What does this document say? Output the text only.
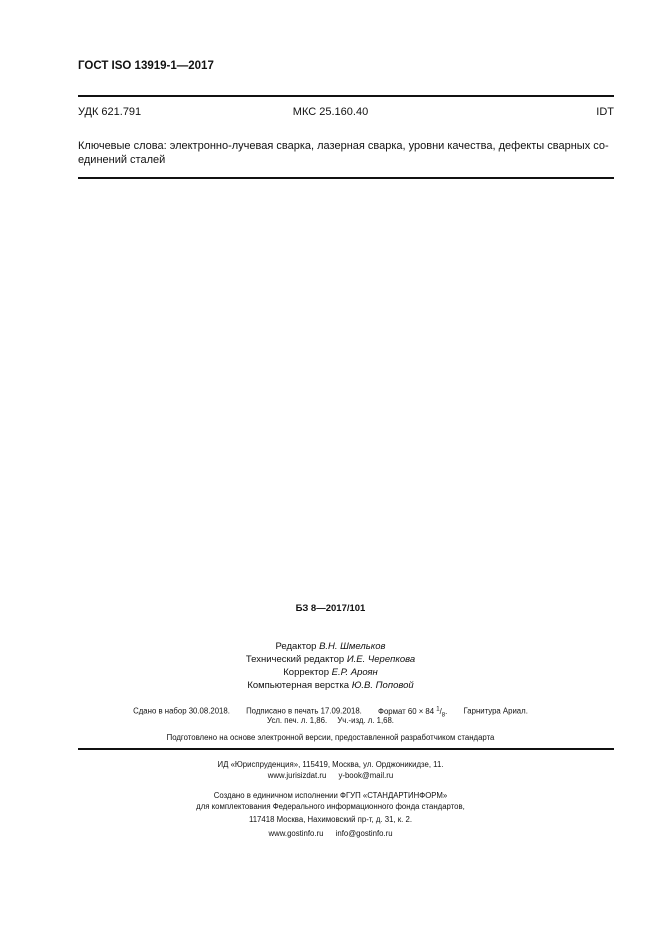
ГОСТ ISO 13919-1—2017
УДК 621.791	МКС 25.160.40	IDT
Ключевые слова: электронно-лучевая сварка, лазерная сварка, уровни качества, дефекты сварных со-
единений сталей
БЗ 8—2017/101
Редактор В.Н. Шмельков
Технический редактор И.Е. Черепкова
Корректор Е.Р. Ароян
Компьютерная верстка Ю.В. Поповой
Сдано в набор 30.08.2018. Подписано в печать 17.09.2018. Формат 60 × 84 $^1/_8$. Гарнитура Ариал.
Усл. печ. л. 1,86. Уч.-изд. л. 1,68.
Подготовлено на основе электронной версии, предоставленной разработчиком стандарта
ИД «Юриспруденция», 115419, Москва, ул. Орджоникидзе, 11.
www.jurisizdat.ru y-book@mail.ru
Создано в единичном исполнении ФГУП «СТАНДАРТИНФОРМ»
для комплектования Федерального информационного фонда стандартов,
117418 Москва, Нахимовский пр-т, д. 31, к. 2.
www.gostinfo.ru info@gostinfo.ru
